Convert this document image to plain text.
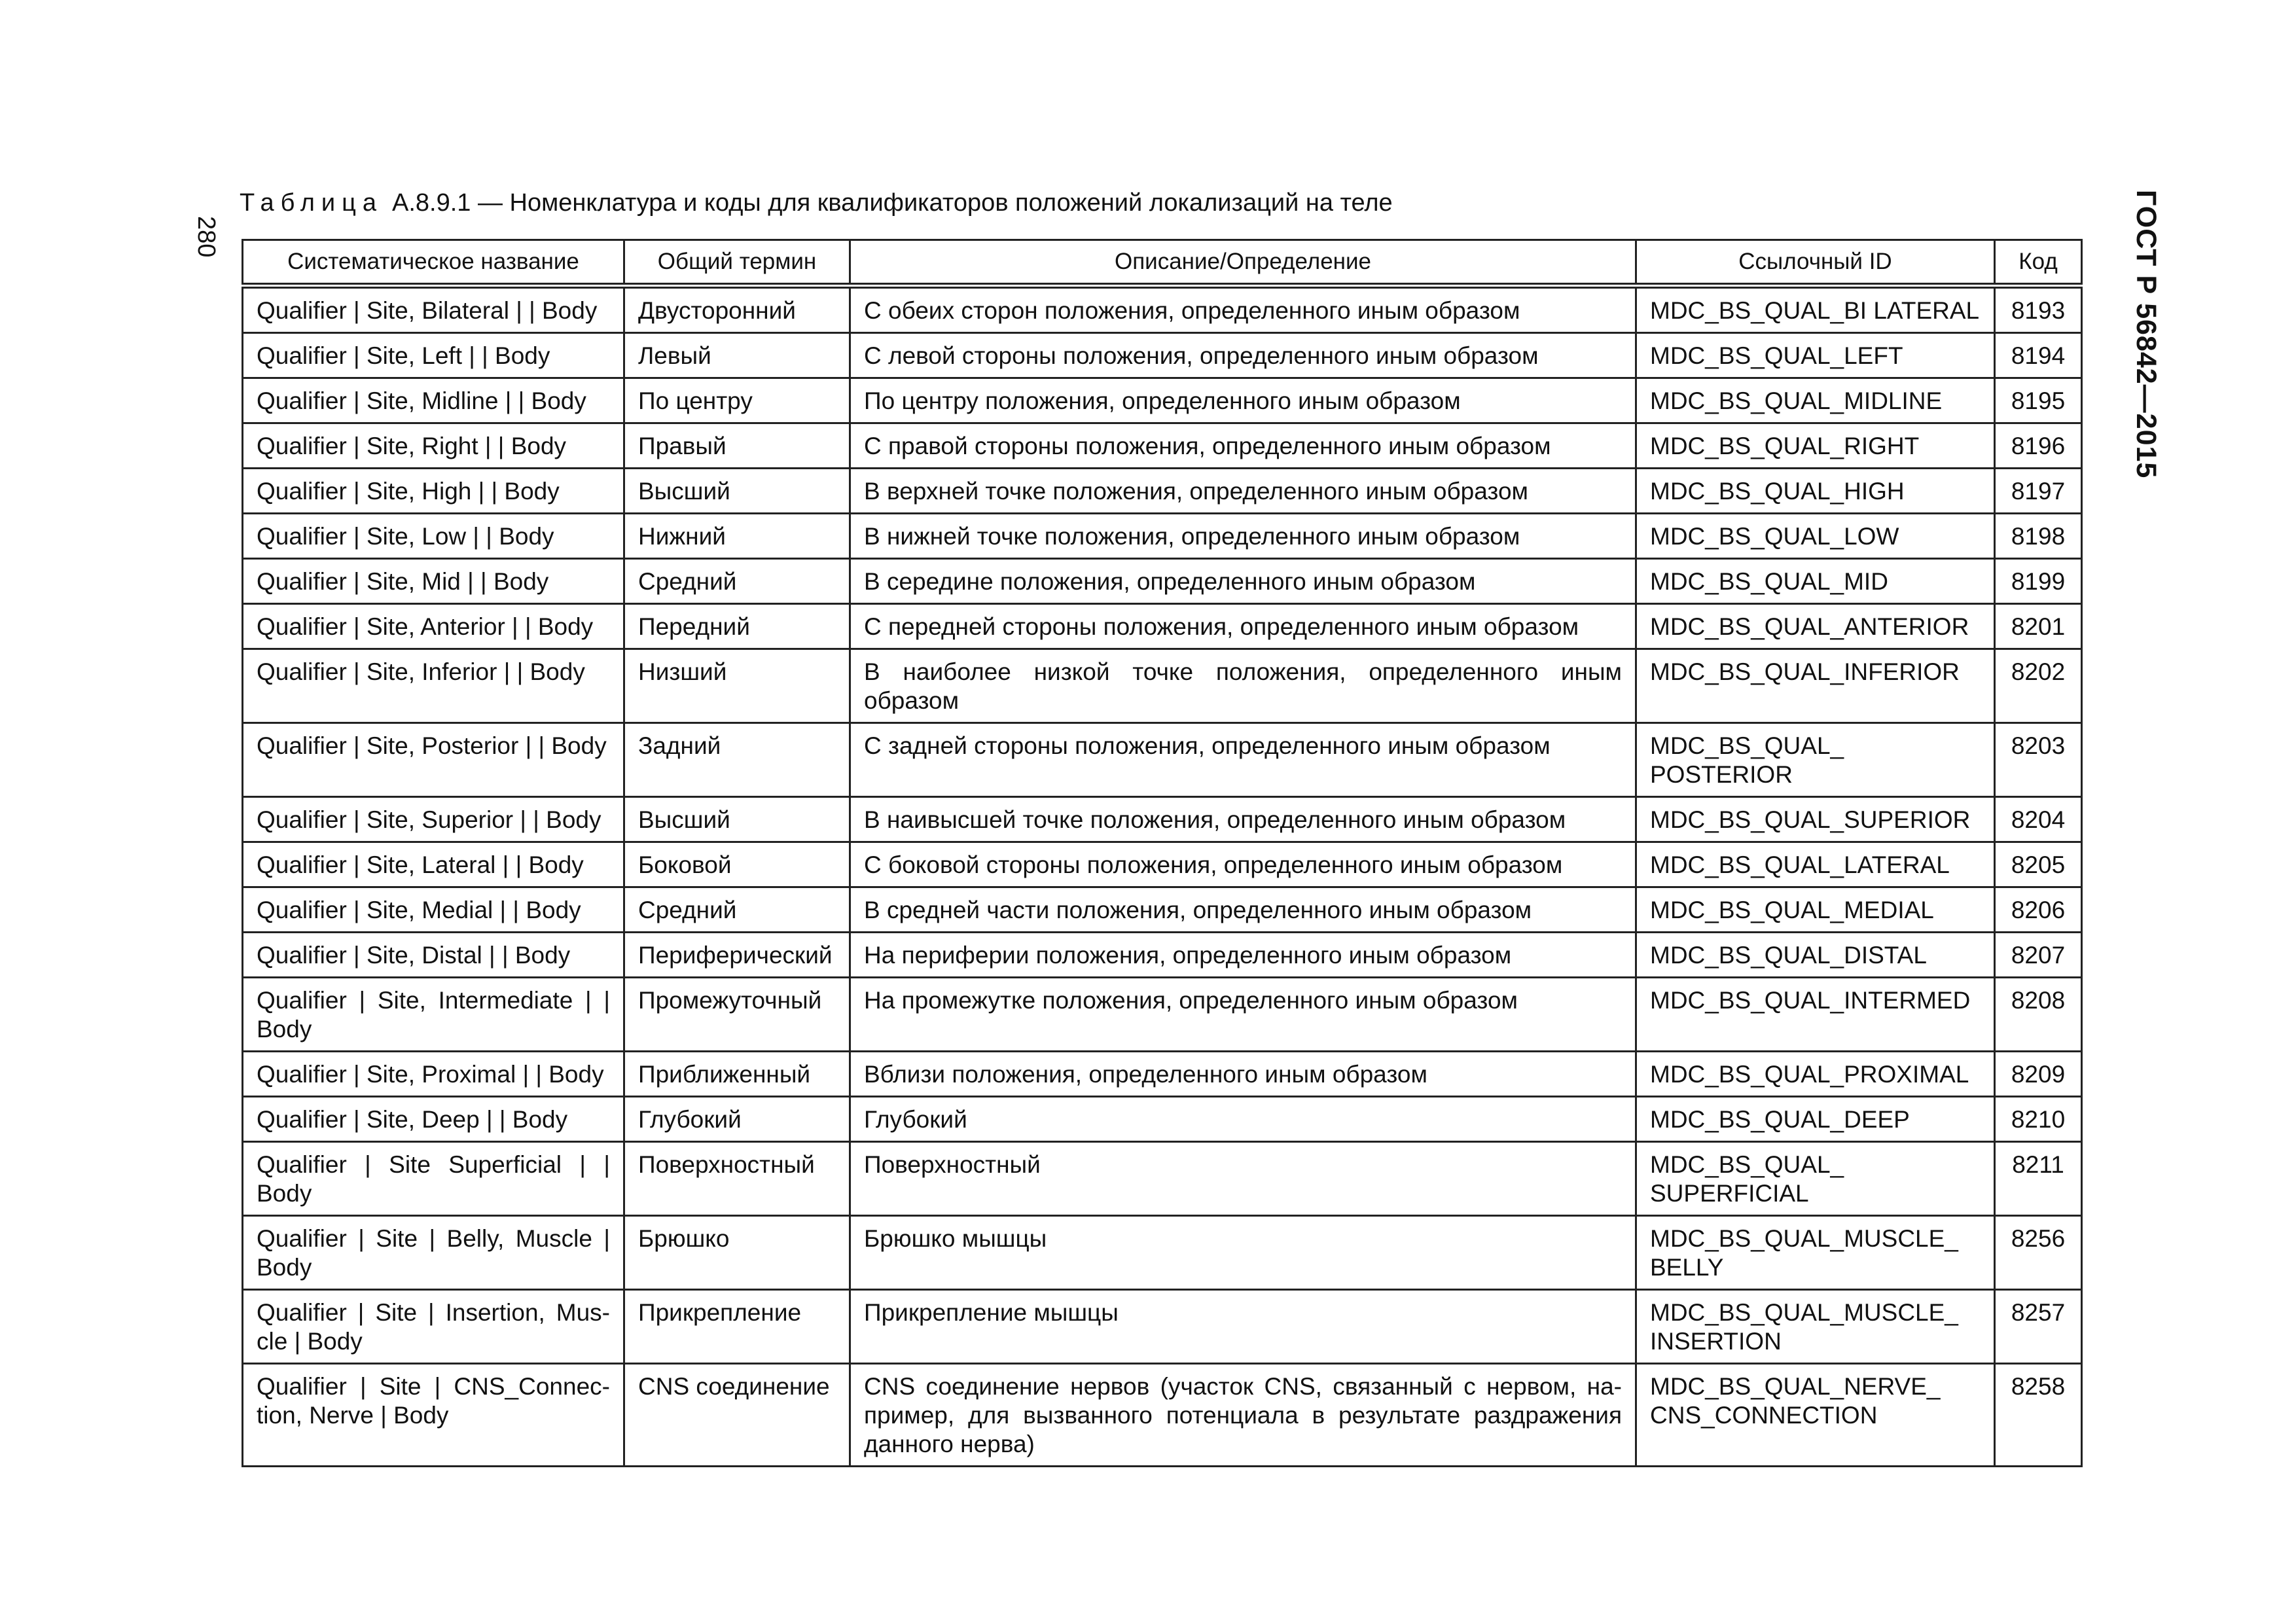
280	ГОСТ Р 56842—2015
Таблица А.8.9.1 — Номенклатура и коды для квалификаторов положений локализаций на теле
Систематическое название	Общий термин	Описание/Определение	Ссылочный ID	Код
Qualifier | Site, Bilateral | | Body	Двусторонний	С обеих сторон положения, определенного иным образом	MDC_BS_QUAL_BI LATERAL	8193
Qualifier | Site, Left | | Body	Левый	С левой стороны положения, определенного иным образом	MDC_BS_QUAL_LEFT	8194
Qualifier | Site, Midline | | Body	По центру	По центру положения, определенного иным образом	MDC_BS_QUAL_MIDLINE	8195
Qualifier | Site, Right | | Body	Правый	С правой стороны положения, определенного иным образом	MDC_BS_QUAL_RIGHT	8196
Qualifier | Site, High | | Body	Высший	В верхней точке положения, определенного иным образом	MDC_BS_QUAL_HIGH	8197
Qualifier | Site, Low | | Body	Нижний	В нижней точке положения, определенного иным образом	MDC_BS_QUAL_LOW	8198
Qualifier | Site, Mid | | Body	Средний	В середине положения, определенного иным образом	MDC_BS_QUAL_MID	8199
Qualifier | Site, Anterior | | Body	Передний	С передней стороны положения, определенного иным образом	MDC_BS_QUAL_ANTERIOR	8201
Qualifier | Site, Inferior | | Body	Низший	В наиболее низкой точке положения, определенного иным образом	MDC_BS_QUAL_INFERIOR	8202
Qualifier | Site, Posterior | | Body	Задний	С задней стороны положения, определенного иным образом	MDC_BS_QUAL_ POSTERIOR	8203
Qualifier | Site, Superior | | Body	Высший	В наивысшей точке положения, определенного иным образом	MDC_BS_QUAL_SUPERIOR	8204
Qualifier | Site, Lateral | | Body	Боковой	С боковой стороны положения, определенного иным образом	MDC_BS_QUAL_LATERAL	8205
Qualifier | Site, Medial | | Body	Средний	В средней части положения, определенного иным образом	MDC_BS_QUAL_MEDIAL	8206
Qualifier | Site, Distal | | Body	Периферический	На периферии положения, определенного иным образом	MDC_BS_QUAL_DISTAL	8207
Qualifier | Site, Intermediate | | Body	Промежуточный	На промежутке положения, определенного иным образом	MDC_BS_QUAL_INTERMED	8208
Qualifier | Site, Proximal | | Body	Приближенный	Вблизи положения, определенного иным образом	MDC_BS_QUAL_PROXIMAL	8209
Qualifier | Site, Deep | | Body	Глубокий	Глубокий	MDC_BS_QUAL_DEEP	8210
Qualifier | Site Superficial | | Body	Поверхностный	Поверхностный	MDC_BS_QUAL_ SUPERFICIAL	8211
Qualifier | Site | Belly, Muscle | Body	Брюшко	Брюшко мышцы	MDC_BS_QUAL_MUSCLE_ BELLY	8256
Qualifier | Site | Insertion, Muscle | Body	Прикрепление	Прикрепление мышцы	MDC_BS_QUAL_MUSCLE_ INSERTION	8257
Qualifier | Site | CNS_Connection, Nerve | Body	CNS соединение	CNS соединение нервов (участок CNS, связанный с нервом, например, для вызванного потенциала в результате раздражения данного нерва)	MDC_BS_QUAL_NERVE_ CNS_CONNECTION	8258
